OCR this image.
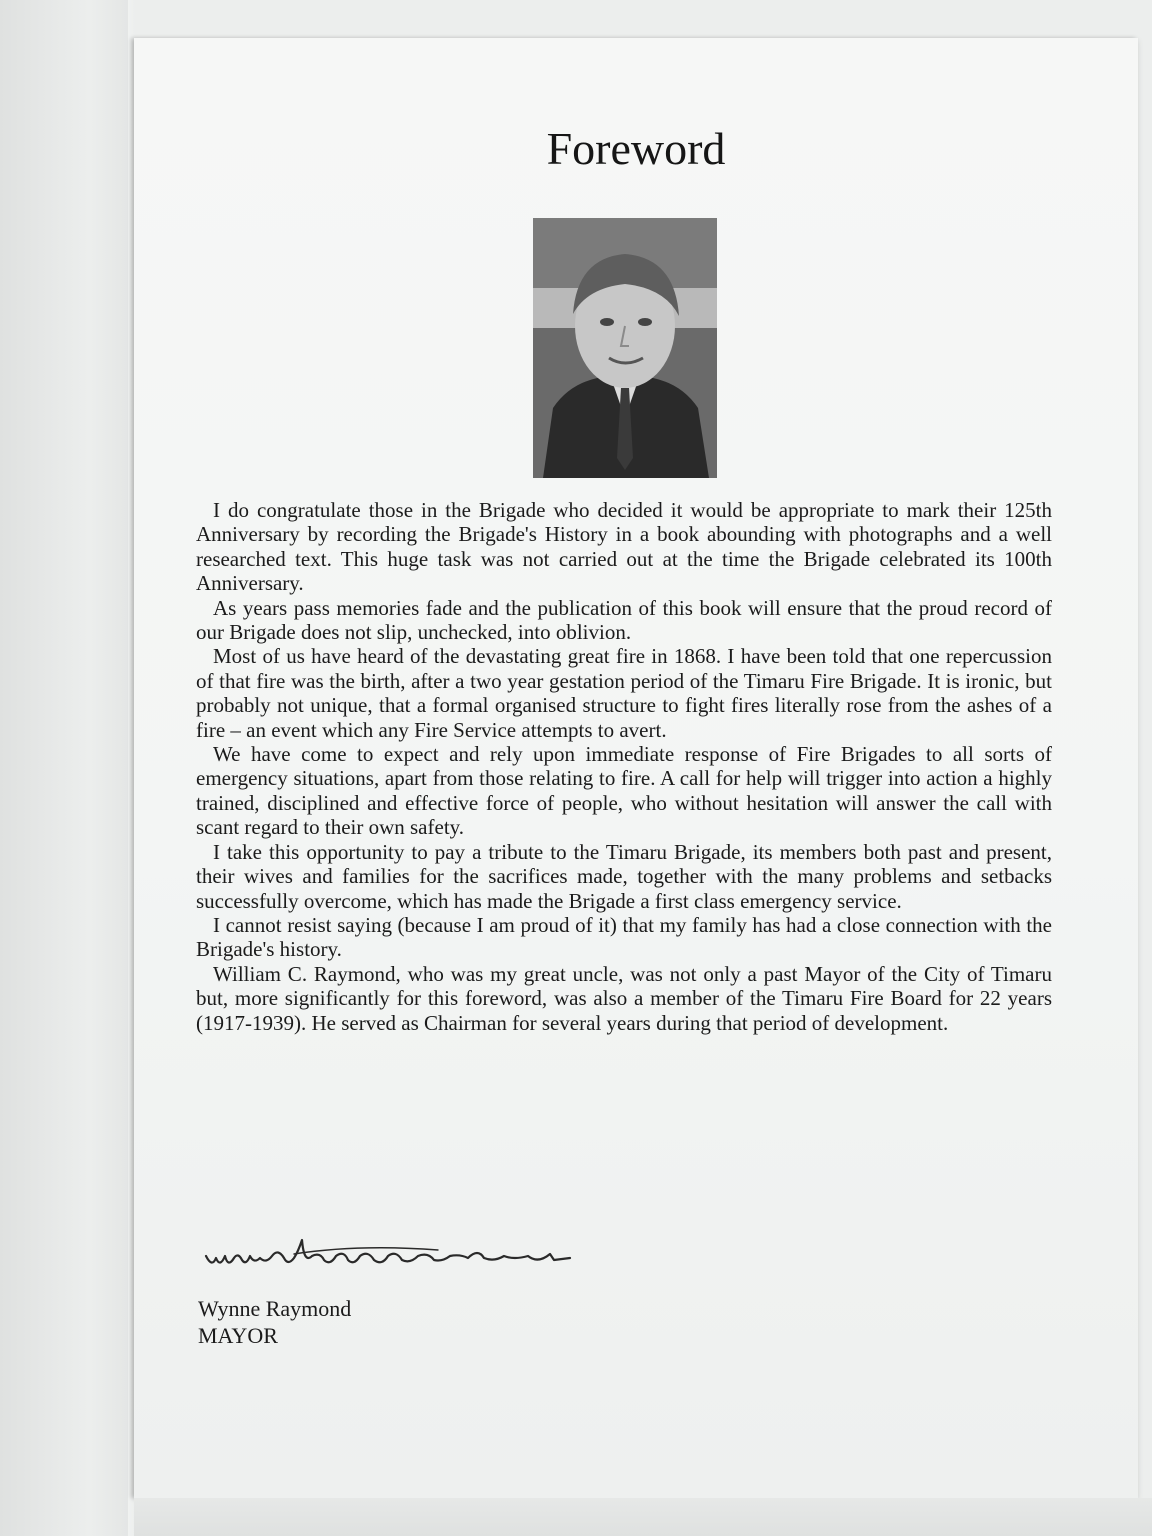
Foreword

I do congratulate those in the Brigade who decided it would be appropriate to mark their 125th Anniversary by recording the Brigade's History in a book abounding with photographs and a well researched text. This huge task was not carried out at the time the Brigade celebrated its 100th Anniversary.

As years pass memories fade and the publication of this book will ensure that the proud record of our Brigade does not slip, unchecked, into oblivion.

Most of us have heard of the devastating great fire in 1868. I have been told that one repercussion of that fire was the birth, after a two year gestation period of the Timaru Fire Brigade. It is ironic, but probably not unique, that a formal organised structure to fight fires literally rose from the ashes of a fire – an event which any Fire Service attempts to avert.

We have come to expect and rely upon immediate response of Fire Brigades to all sorts of emergency situations, apart from those relating to fire. A call for help will trigger into action a highly trained, disciplined and effective force of people, who without hesitation will answer the call with scant regard to their own safety.

I take this opportunity to pay a tribute to the Timaru Brigade, its members both past and present, their wives and families for the sacrifices made, together with the many problems and setbacks successfully overcome, which has made the Brigade a first class emergency service.

I cannot resist saying (because I am proud of it) that my family has had a close connection with the Brigade's history.

William C. Raymond, who was my great uncle, was not only a past Mayor of the City of Timaru but, more significantly for this foreword, was also a member of the Timaru Fire Board for 22 years (1917-1939). He served as Chairman for several years during that period of development.

Wynne Raymond
MAYOR
